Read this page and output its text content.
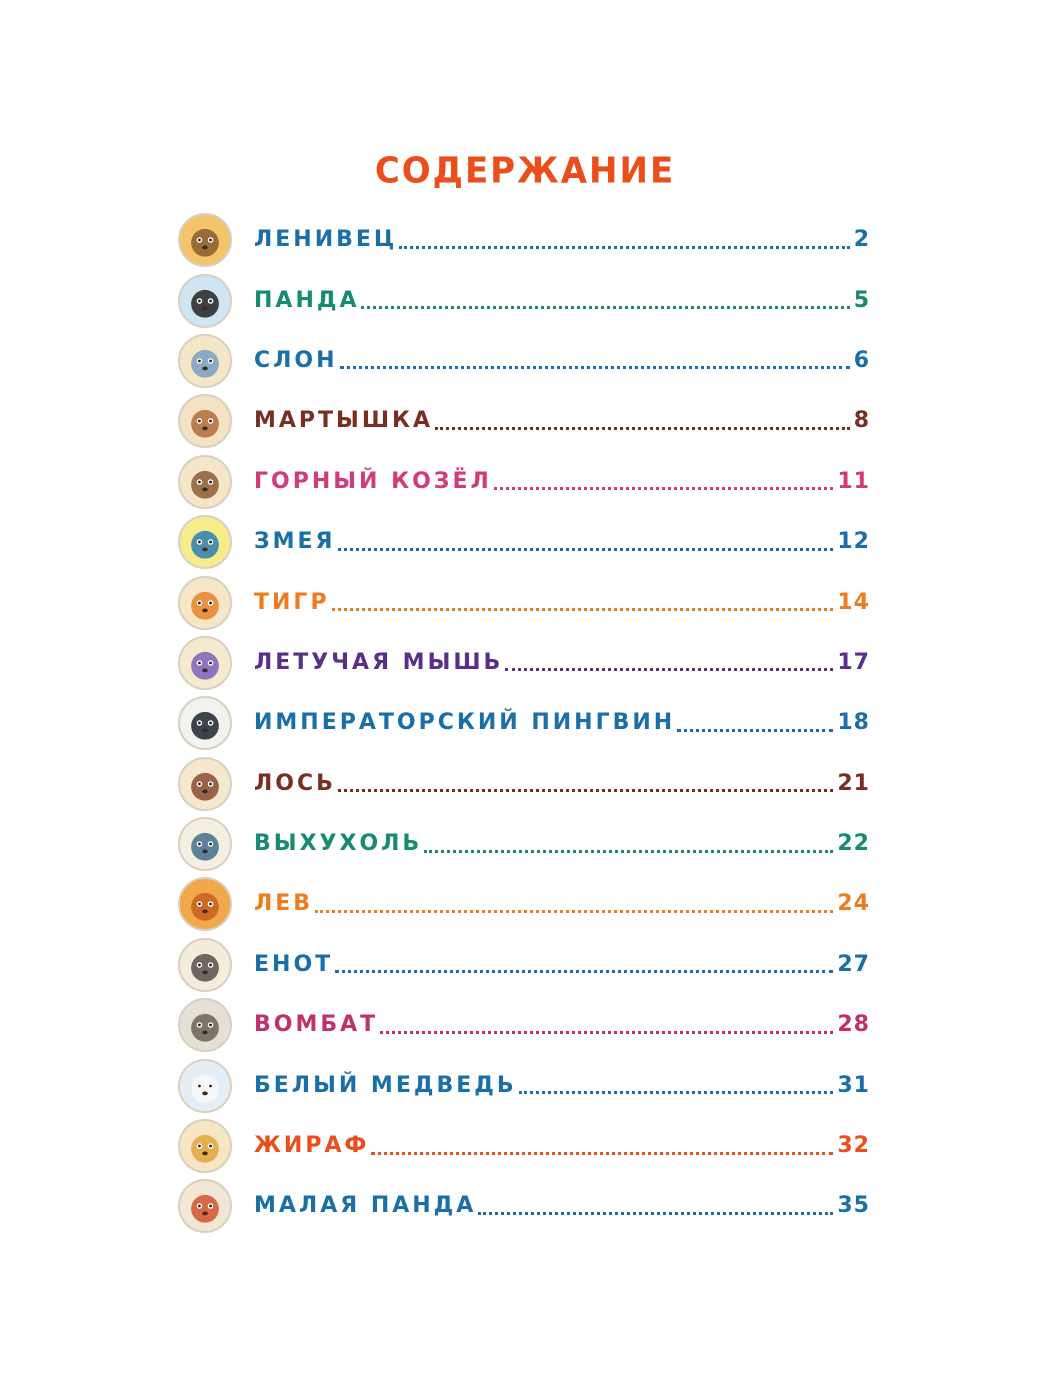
СОДЕРЖАНИЕ
ЛЕНИВЕЦ	2
ПАНДА	5
СЛОН	6
МАРТЫШКА	8
ГОРНЫЙ КОЗЁЛ	11
ЗМЕЯ	12
ТИГР	14
ЛЕТУЧАЯ МЫШЬ	17
ИМПЕРАТОРСКИЙ ПИНГВИН	18
ЛОСЬ	21
ВЫХУХОЛЬ	22
ЛЕВ	24
ЕНОТ	27
ВОМБАТ	28
БЕЛЫЙ МЕДВЕДЬ	31
ЖИРАФ	32
МАЛАЯ ПАНДА	35
